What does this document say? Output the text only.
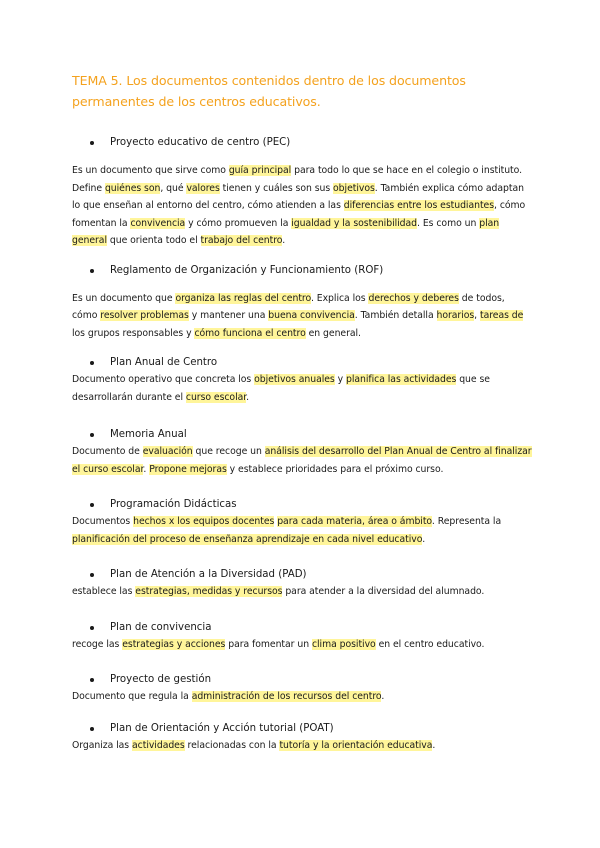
TEMA 5. Los documentos contenidos dentro de los documentos permanentes de los centros educativos.
Proyecto educativo de centro (PEC)

Es un documento que sirve como guía principal para todo lo que se hace en el colegio o instituto. Define quiénes son, qué valores tienen y cuáles son sus objetivos. También explica cómo adaptan lo que enseñan al entorno del centro, cómo atienden a las diferencias entre los estudiantes, cómo fomentan la convivencia y cómo promueven la igualdad y la sostenibilidad. Es como un plan general que orienta todo el trabajo del centro.

Reglamento de Organización y Funcionamiento (ROF)

Es un documento que organiza las reglas del centro. Explica los derechos y deberes de todos, cómo resolver problemas y mantener una buena convivencia. También detalla horarios, tareas de los grupos responsables y cómo funciona el centro en general.

Plan Anual de Centro

Documento operativo que concreta los objetivos anuales y planifica las actividades que se desarrollarán durante el curso escolar.

Memoria Anual

Documento de evaluación que recoge un análisis del desarrollo del Plan Anual de Centro al finalizar el curso escolar. Propone mejoras y establece prioridades para el próximo curso.

Programación Didácticas

Documentos hechos x los equipos docentes para cada materia, área o ámbito. Representa la planificación del proceso de enseñanza aprendizaje en cada nivel educativo.

Plan de Atención a la Diversidad (PAD)

establece las estrategias, medidas y recursos para atender a la diversidad del alumnado.

Plan de convivencia

recoge las estrategias y acciones para fomentar un clima positivo en el centro educativo.

Proyecto de gestión

Documento que regula la administración de los recursos del centro.

Plan de Orientación y Acción tutorial (POAT)

Organiza las actividades relacionadas con la tutoría y la orientación educativa.
